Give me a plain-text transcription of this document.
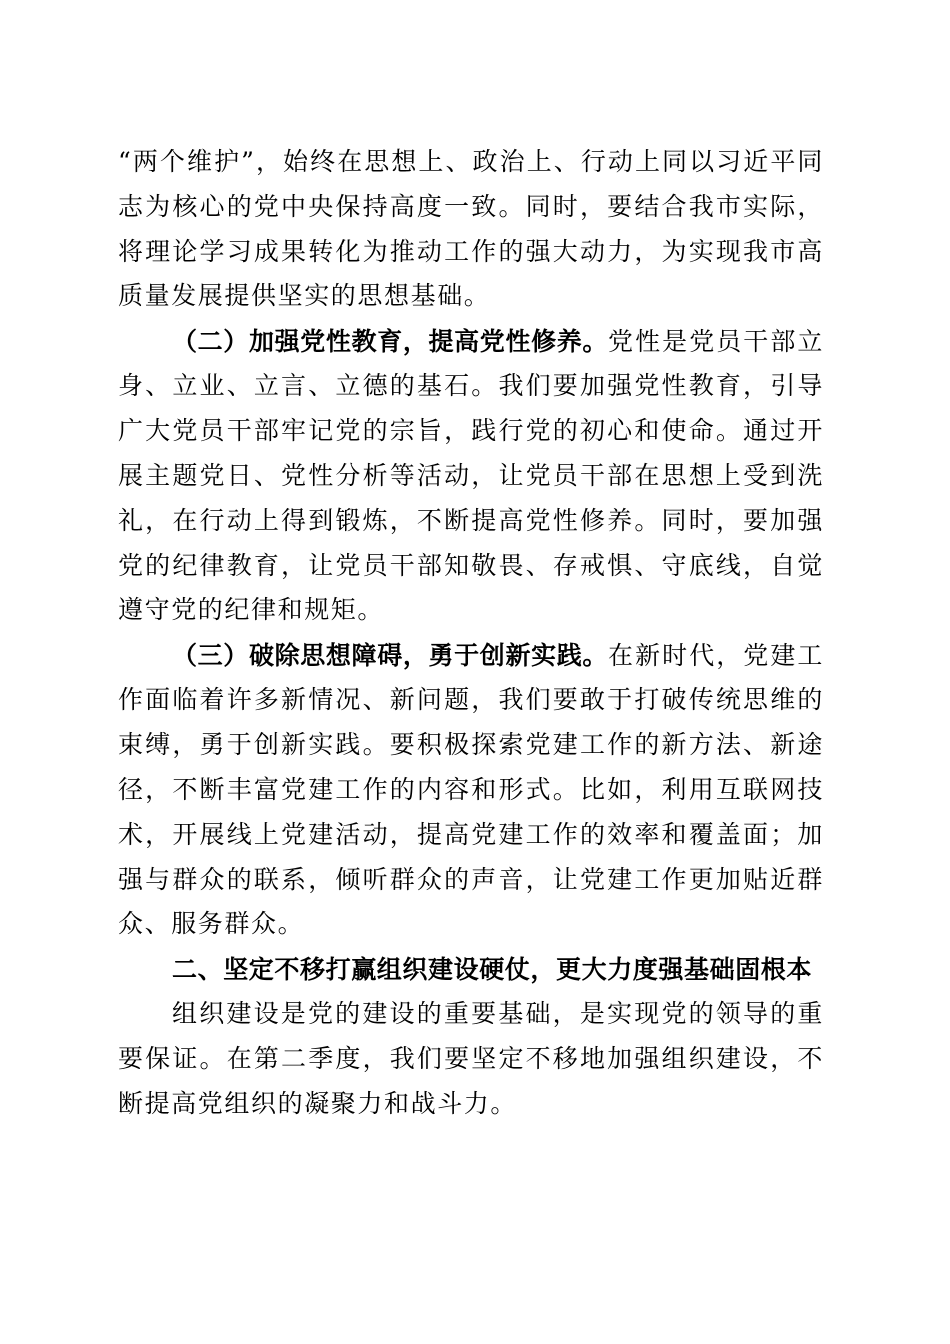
“两个维护”，始终在思想上、政治上、行动上同以习近平同志为核心的党中央保持高度一致。同时，要结合我市实际，将理论学习成果转化为推动工作的强大动力，为实现我市高质量发展提供坚实的思想基础。

（二）加强党性教育，提高党性修养。党性是党员干部立身、立业、立言、立德的基石。我们要加强党性教育，引导广大党员干部牢记党的宗旨，践行党的初心和使命。通过开展主题党日、党性分析等活动，让党员干部在思想上受到洗礼，在行动上得到锻炼，不断提高党性修养。同时，要加强党的纪律教育，让党员干部知敬畏、存戒惧、守底线，自觉遵守党的纪律和规矩。

（三）破除思想障碍，勇于创新实践。在新时代，党建工作面临着许多新情况、新问题，我们要敢于打破传统思维的束缚，勇于创新实践。要积极探索党建工作的新方法、新途径，不断丰富党建工作的内容和形式。比如，利用互联网技术，开展线上党建活动，提高党建工作的效率和覆盖面；加强与群众的联系，倾听群众的声音，让党建工作更加贴近群众、服务群众。

二、坚定不移打赢组织建设硬仗，更大力度强基础固根本

组织建设是党的建设的重要基础，是实现党的领导的重要保证。在第二季度，我们要坚定不移地加强组织建设，不断提高党组织的凝聚力和战斗力。
